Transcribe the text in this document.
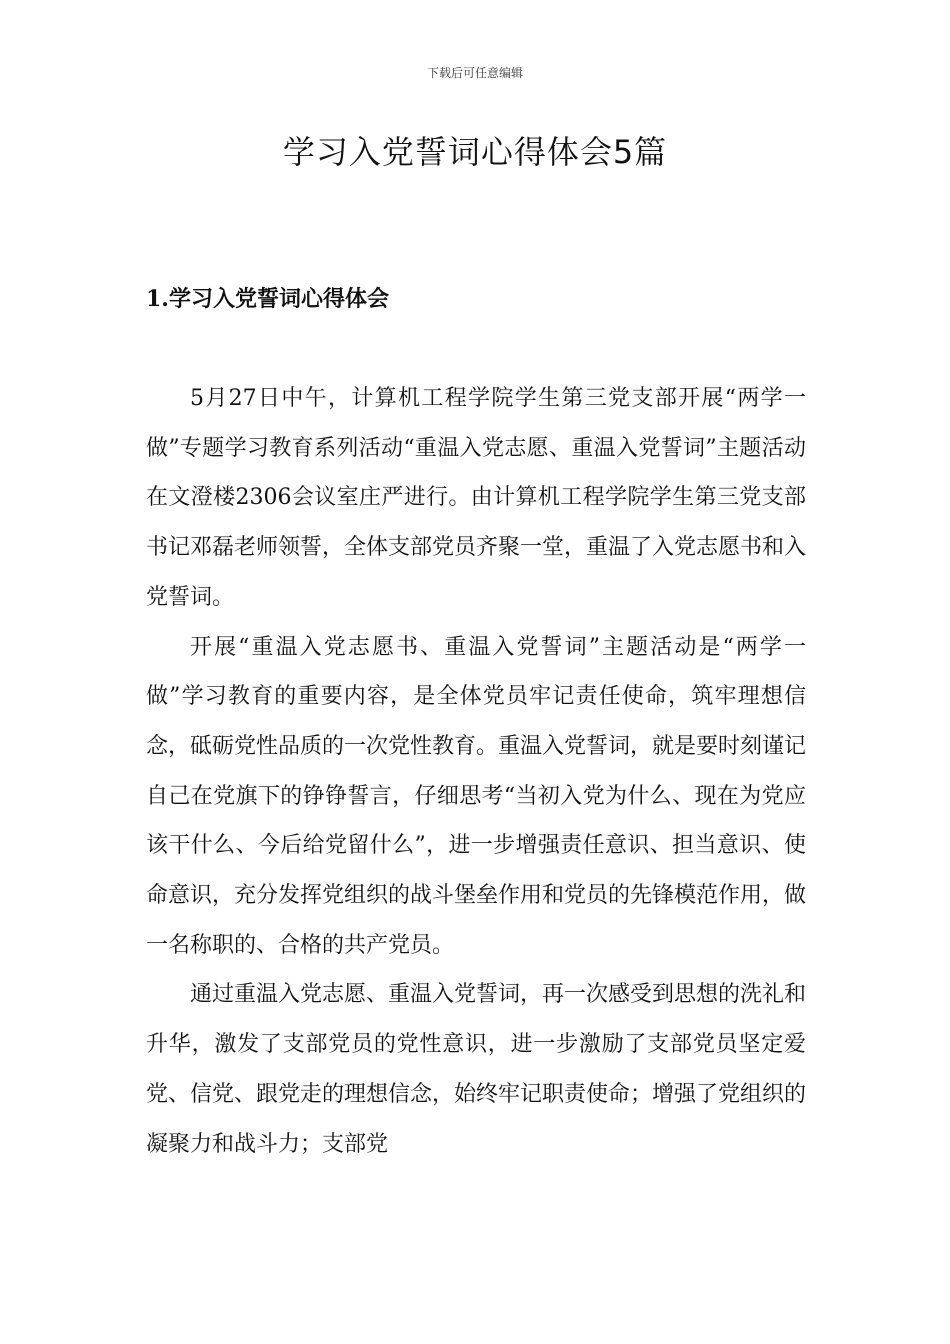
下载后可任意编辑
学习入党誓词心得体会5篇
1.学习入党誓词心得体会

5月27日中午，计算机工程学院学生第三党支部开展“两学一做”专题学习教育系列活动“重温入党志愿、重温入党誓词”主题活动在文澄楼2306会议室庄严进行。由计算机工程学院学生第三党支部书记邓磊老师领誓，全体支部党员齐聚一堂，重温了入党志愿书和入党誓词。

开展“重温入党志愿书、重温入党誓词”主题活动是“两学一做”学习教育的重要内容，是全体党员牢记责任使命，筑牢理想信念，砥砺党性品质的一次党性教育。重温入党誓词，就是要时刻谨记自己在党旗下的铮铮誓言，仔细思考“当初入党为什么、现在为党应该干什么、今后给党留什么”，进一步增强责任意识、担当意识、使命意识，充分发挥党组织的战斗堡垒作用和党员的先锋模范作用，做一名称职的、合格的共产党员。

通过重温入党志愿、重温入党誓词，再一次感受到思想的洗礼和升华，激发了支部党员的党性意识，进一步激励了支部党员坚定爱党、信党、跟党走的理想信念，始终牢记职责使命；增强了党组织的凝聚力和战斗力；支部党
